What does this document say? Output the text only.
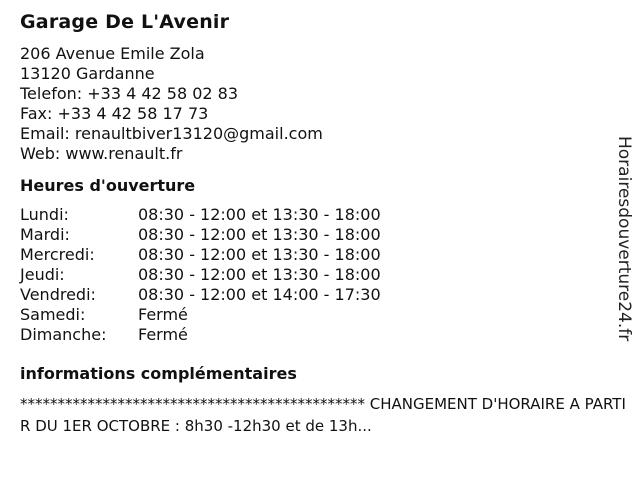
Garage De L'Avenir
206 Avenue Emile Zola
13120 Gardanne
Telefon: +33 4 42 58 02 83
Fax: +33 4 42 58 17 73
Email: renaultbiver13120@gmail.com
Web: www.renault.fr
Heures d'ouverture
Lundi:	08:30 - 12:00 et 13:30 - 18:00
Mardi:	08:30 - 12:00 et 13:30 - 18:00
Mercredi:	08:30 - 12:00 et 13:30 - 18:00
Jeudi:	08:30 - 12:00 et 13:30 - 18:00
Vendredi:	08:30 - 12:00 et 14:00 - 17:30
Samedi:	Fermé
Dimanche:	Fermé
informations complémentaires
********************************************** CHANGEMENT D'HORAIRE A PARTIR DU 1ER OCTOBRE : 8h30 -12h30 et de 13h...
Horairesdouverture24.fr
